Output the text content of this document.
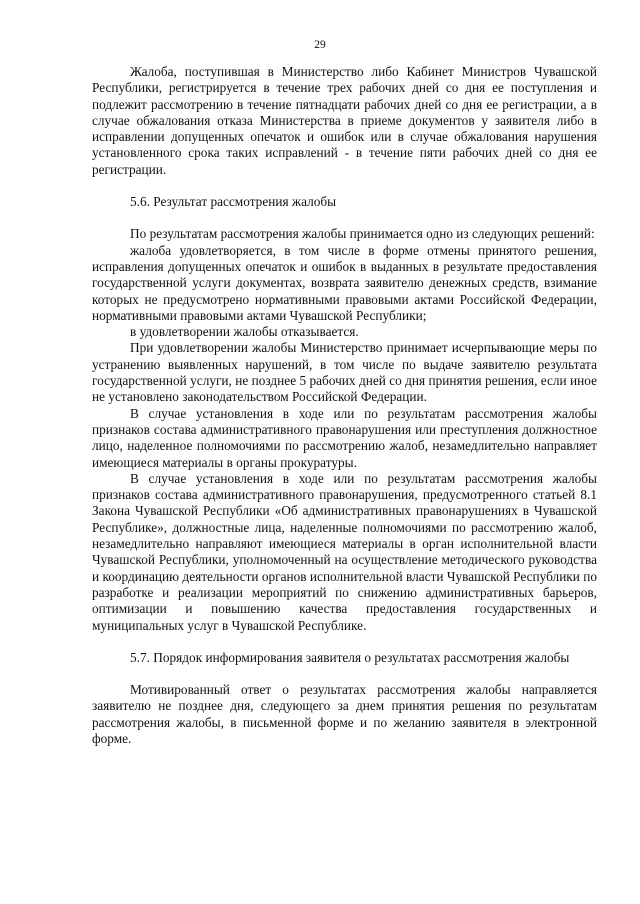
29

Жалоба, поступившая в Министерство либо Кабинет Министров Чувашской Республики, регистрируется в течение трех рабочих дней со дня ее поступления и подлежит рассмотрению в течение пятнадцати рабочих дней со дня ее регистрации, а в случае обжалования отказа Министерства в приеме документов у заявителя либо в исправлении допущенных опечаток и ошибок или в случае обжалования нарушения установленного срока таких исправлений - в течение пяти рабочих дней со дня ее регистрации.

5.6. Результат рассмотрения жалобы

По результатам рассмотрения жалобы принимается одно из следующих решений:

жалоба удовлетворяется, в том числе в форме отмены принятого решения, исправления допущенных опечаток и ошибок в выданных в результате предоставления государственной услуги документах, возврата заявителю денежных средств, взимание которых не предусмотрено нормативными правовыми актами Российской Федерации, нормативными правовыми актами Чувашской Республики;

в удовлетворении жалобы отказывается.

При удовлетворении жалобы Министерство принимает исчерпывающие меры по устранению выявленных нарушений, в том числе по выдаче заявителю результата государственной услуги, не позднее 5 рабочих дней со дня принятия решения, если иное не установлено законодательством Российской Федерации.

В случае установления в ходе или по результатам рассмотрения жалобы признаков состава административного правонарушения или преступления должностное лицо, наделенное полномочиями по рассмотрению жалоб, незамедлительно направляет имеющиеся материалы в органы прокуратуры.

В случае установления в ходе или по результатам рассмотрения жалобы признаков состава административного правонарушения, предусмотренного статьей 8.1 Закона Чувашской Республики «Об административных правонарушениях в Чувашской Республике», должностные лица, наделенные полномочиями по рассмотрению жалоб, незамедлительно направляют имеющиеся материалы в орган исполнительной власти Чувашской Республики, уполномоченный на осуществление методического руководства и координацию деятельности органов исполнительной власти Чувашской Республики по разработке и реализации мероприятий по снижению административных барьеров, оптимизации и повышению качества предоставления государственных и муниципальных услуг в Чувашской Республике.

5.7. Порядок информирования заявителя о результатах рассмотрения жалобы

Мотивированный ответ о результатах рассмотрения жалобы направляется заявителю не позднее дня, следующего за днем принятия решения по результатам рассмотрения жалобы, в письменной форме и по желанию заявителя в электронной форме.
